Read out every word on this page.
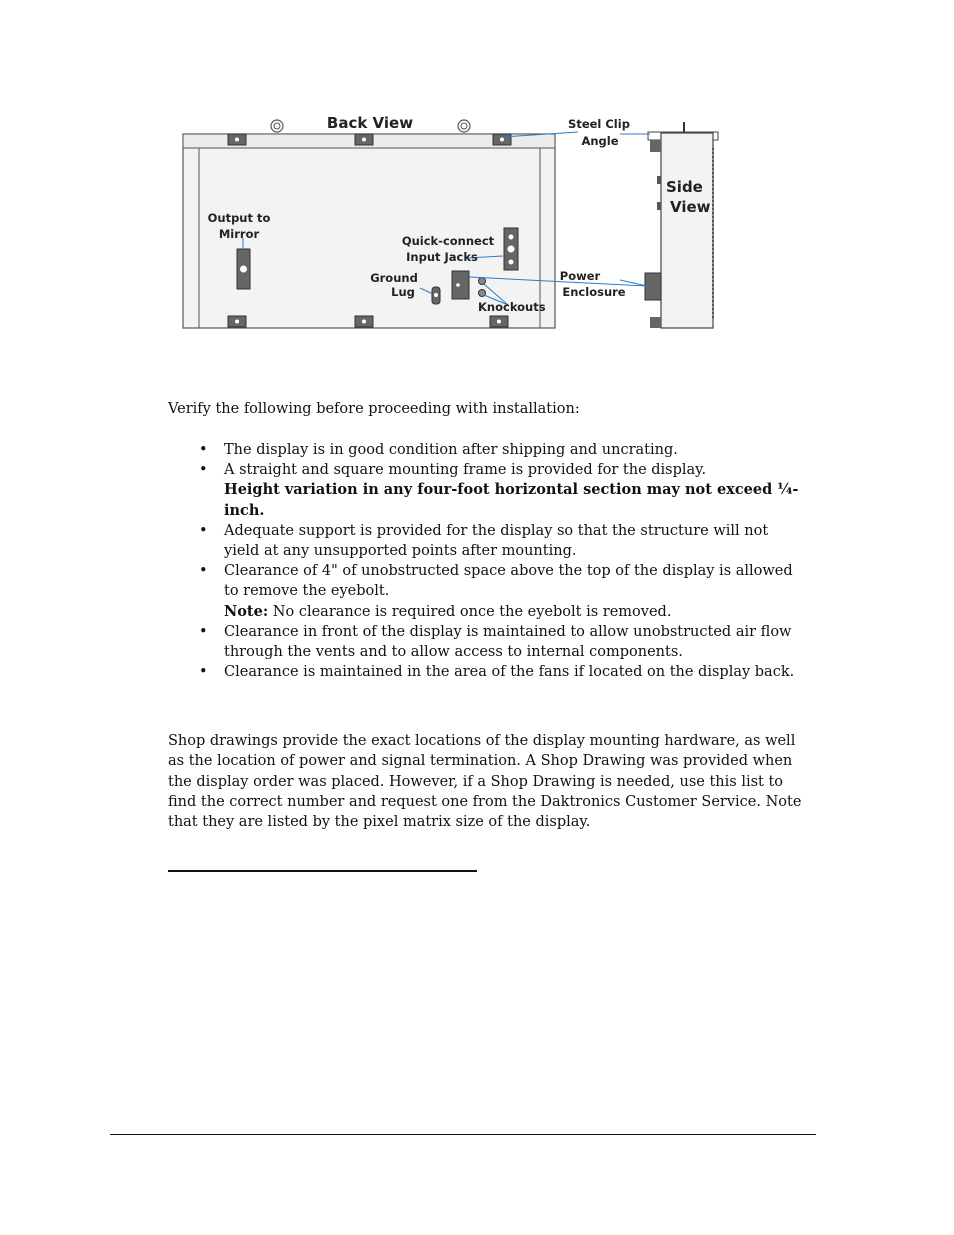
Back View	Steel Clip
Angle
Side
View
Output to
Mirror	Quick-connect
Input Jacks
Ground
Lug
Power
Enclosure
Knockouts

Verify the following before proceeding with installation:

• The display is in good condition after shipping and uncrating.
• A straight and square mounting frame is provided for the display.
Height variation in any four-foot horizontal section may not exceed ¼-inch.
• Adequate support is provided for the display so that the structure will not yield at any unsupported points after mounting.
• Clearance of 4" of unobstructed space above the top of the display is allowed to remove the eyebolt.
Note: No clearance is required once the eyebolt is removed.
• Clearance in front of the display is maintained to allow unobstructed air flow through the vents and to allow access to internal components.
• Clearance is maintained in the area of the fans if located on the display back.

Shop drawings provide the exact locations of the display mounting hardware, as well as the location of power and signal termination. A Shop Drawing was provided when the display order was placed. However, if a Shop Drawing is needed, use this list to find the correct number and request one from the Daktronics Customer Service. Note that they are listed by the pixel matrix size of the display.
